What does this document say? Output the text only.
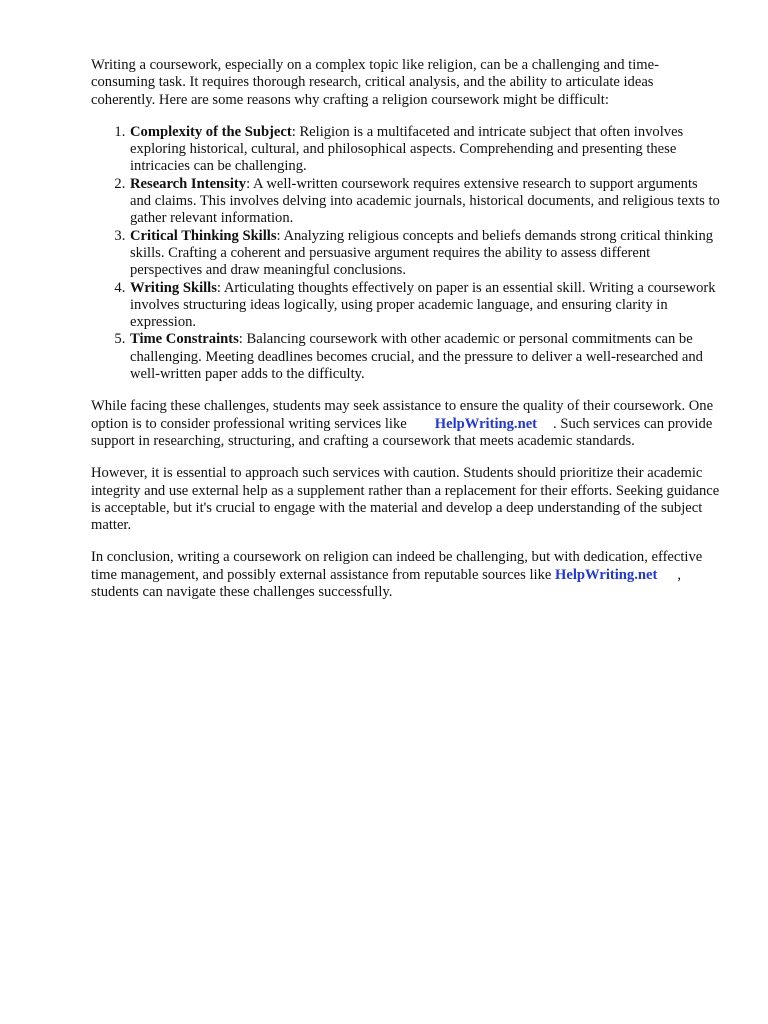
Writing a coursework, especially on a complex topic like religion, can be a challenging and time-consuming task. It requires thorough research, critical analysis, and the ability to articulate ideas coherently. Here are some reasons why crafting a religion coursework might be difficult:

1. Complexity of the Subject: Religion is a multifaceted and intricate subject that often involves exploring historical, cultural, and philosophical aspects. Comprehending and presenting these intricacies can be challenging.
2. Research Intensity: A well-written coursework requires extensive research to support arguments and claims. This involves delving into academic journals, historical documents, and religious texts to gather relevant information.
3. Critical Thinking Skills: Analyzing religious concepts and beliefs demands strong critical thinking skills. Crafting a coherent and persuasive argument requires the ability to assess different perspectives and draw meaningful conclusions.
4. Writing Skills: Articulating thoughts effectively on paper is an essential skill. Writing a coursework involves structuring ideas logically, using proper academic language, and ensuring clarity in expression.
5. Time Constraints: Balancing coursework with other academic or personal commitments can be challenging. Meeting deadlines becomes crucial, and the pressure to deliver a well-researched and well-written paper adds to the difficulty.

While facing these challenges, students may seek assistance to ensure the quality of their coursework. One option is to consider professional writing services like HelpWriting.net . Such services can provide support in researching, structuring, and crafting a coursework that meets academic standards.

However, it is essential to approach such services with caution. Students should prioritize their academic integrity and use external help as a supplement rather than a replacement for their efforts. Seeking guidance is acceptable, but it's crucial to engage with the material and develop a deep understanding of the subject matter.

In conclusion, writing a coursework on religion can indeed be challenging, but with dedication, effective time management, and possibly external assistance from reputable sources like HelpWriting.net , students can navigate these challenges successfully.
